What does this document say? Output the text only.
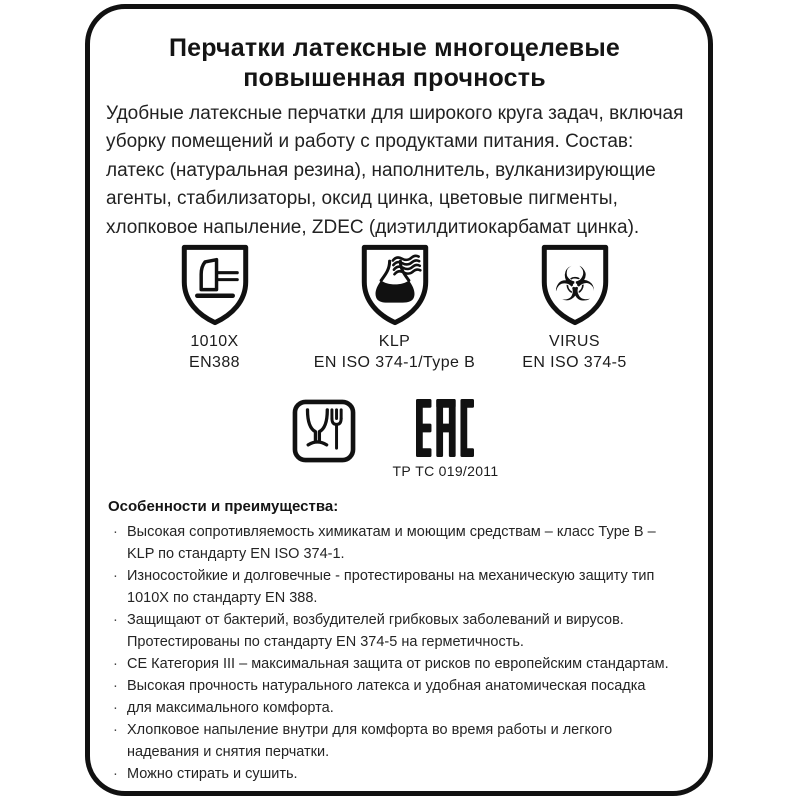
Перчатки латексные многоцелевые
повышенная прочность

Удобные латексные перчатки для широкого круга задач, включая уборку помещений и работу с продуктами питания. Состав: латекс (натуральная резина), наполнитель, вулканизирующие агенты, стабилизаторы, оксид цинка, цветовые пигменты, хлопковое напыление, ZDEC (диэтилдитиокарбамат цинка).

1010X
EN388
KLP
EN ISO 374-1/Type B
☣
VIRUS
EN ISO 374-5
ТР ТС 019/2011
Особенности и преимущества:
· Высокая сопротивляемость химикатам и моющим средствам – класс Type B – KLP по стандарту EN ISO 374-1.
· Износостойкие и долговечные - протестированы на механическую защиту тип 1010X по стандарту EN 388.
· Защищают от бактерий, возбудителей грибковых заболеваний и вирусов. Протестированы по стандарту EN 374-5 на герметичность.
· СЕ Категория III – максимальная защита от рисков по европейским стандартам.
· Высокая прочность натурального латекса и удобная анатомическая посадка
· для максимального комфорта.
· Хлопковое напыление внутри для комфорта во время работы и легкого надевания и снятия перчатки.
· Можно стирать и сушить.
